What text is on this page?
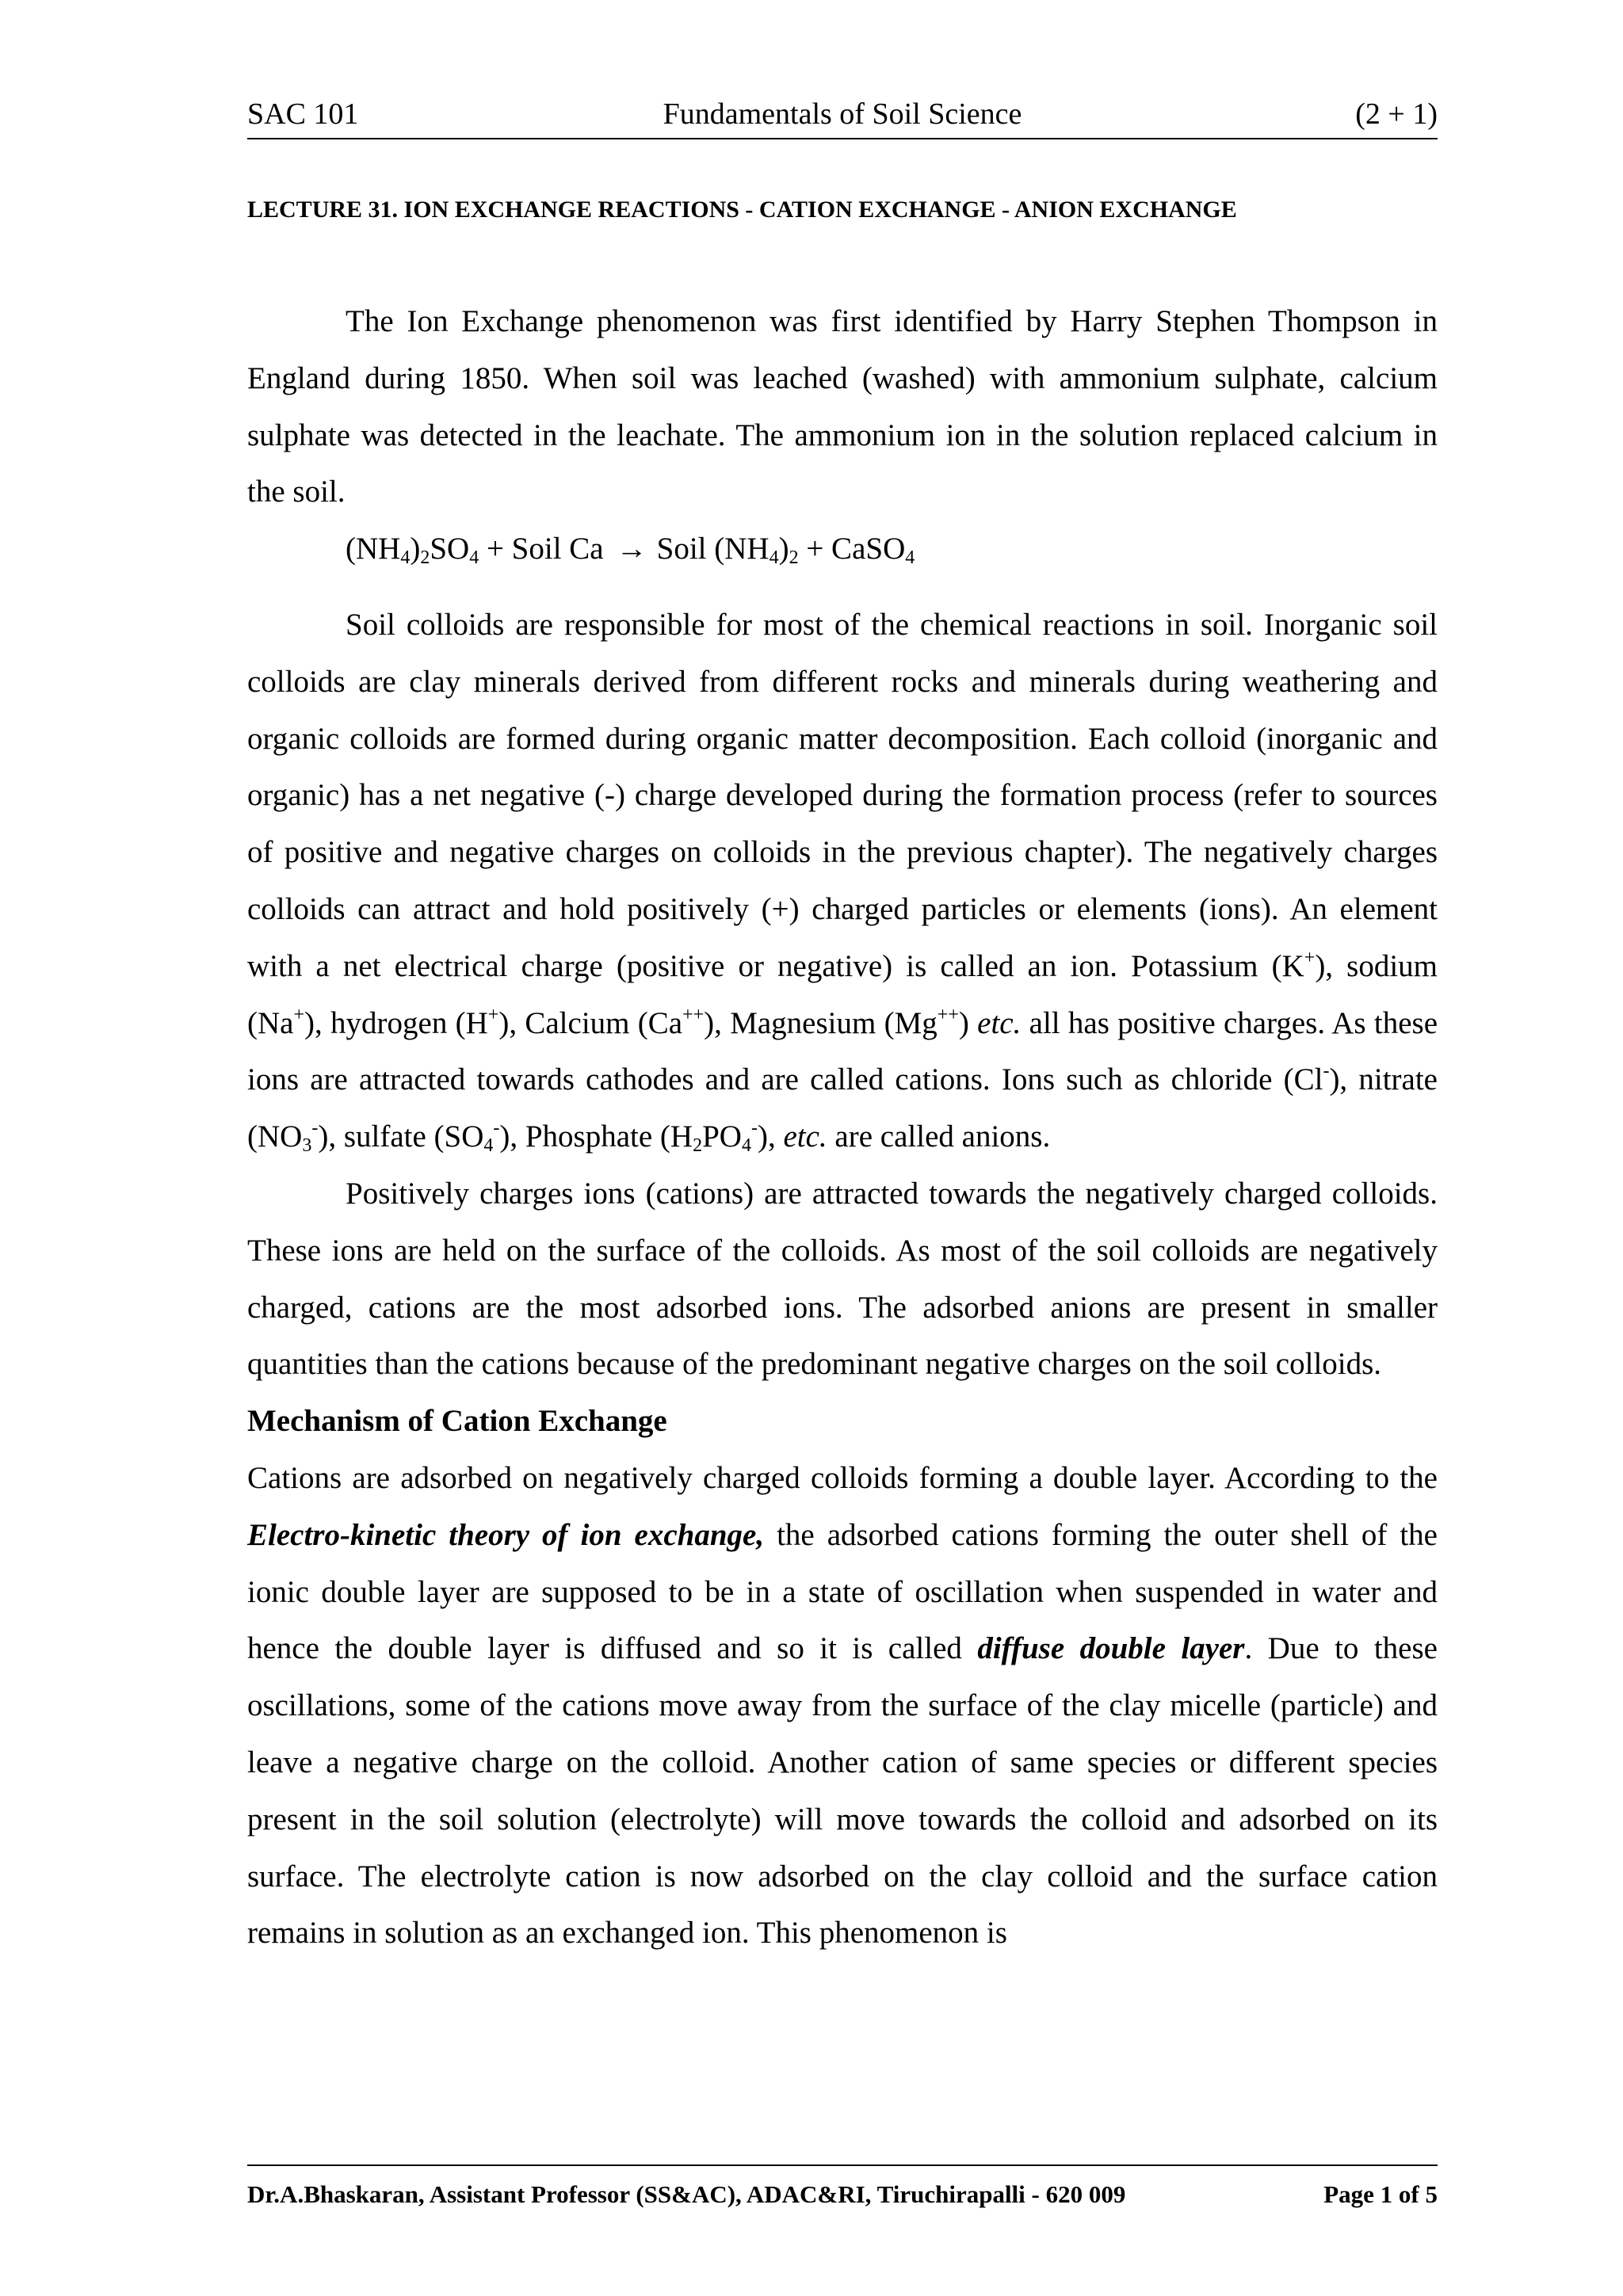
SAC 101	Fundamentals of Soil Science	(2 + 1)
LECTURE 31. ION EXCHANGE REACTIONS - CATION EXCHANGE - ANION EXCHANGE

The Ion Exchange phenomenon was first identified by Harry Stephen Thompson in England during 1850. When soil was leached (washed) with ammonium sulphate, calcium sulphate was detected in the leachate. The ammonium ion in the solution replaced calcium in the soil.

$(NH_4)_2SO_4$ + Soil Ca → Soil $(NH_4)_2$ + CaSO$_4$

Soil colloids are responsible for most of the chemical reactions in soil. Inorganic soil colloids are clay minerals derived from different rocks and minerals during weathering and organic colloids are formed during organic matter decomposition. Each colloid (inorganic and organic) has a net negative (-) charge developed during the formation process (refer to sources of positive and negative charges on colloids in the previous chapter). The negatively charges colloids can attract and hold positively (+) charged particles or elements (ions). An element with a net electrical charge (positive or negative) is called an ion. Potassium (K+), sodium (Na+), hydrogen (H+), Calcium (Ca++), Magnesium (Mg++) etc. all has positive charges. As these ions are attracted towards cathodes and are called cations. Ions such as chloride (Cl-), nitrate $(NO_3^-)$, sulfate $(SO_4^-)$, Phosphate $(H_2PO_4^-)$, etc. are called anions.

Positively charges ions (cations) are attracted towards the negatively charged colloids. These ions are held on the surface of the colloids. As most of the soil colloids are negatively charged, cations are the most adsorbed ions. The adsorbed anions are present in smaller quantities than the cations because of the predominant negative charges on the soil colloids.

Mechanism of Cation Exchange

Cations are adsorbed on negatively charged colloids forming a double layer. According to the Electro-kinetic theory of ion exchange, the adsorbed cations forming the outer shell of the ionic double layer are supposed to be in a state of oscillation when suspended in water and hence the double layer is diffused and so it is called diffuse double layer. Due to these oscillations, some of the cations move away from the surface of the clay micelle (particle) and leave a negative charge on the colloid. Another cation of same species or different species present in the soil solution (electrolyte) will move towards the colloid and adsorbed on its surface. The electrolyte cation is now adsorbed on the clay colloid and the surface cation remains in solution as an exchanged ion. This phenomenon is

Dr.A.Bhaskaran, Assistant Professor (SS&AC), ADAC&RI, Tiruchirapalli - 620 009	Page 1 of 5
